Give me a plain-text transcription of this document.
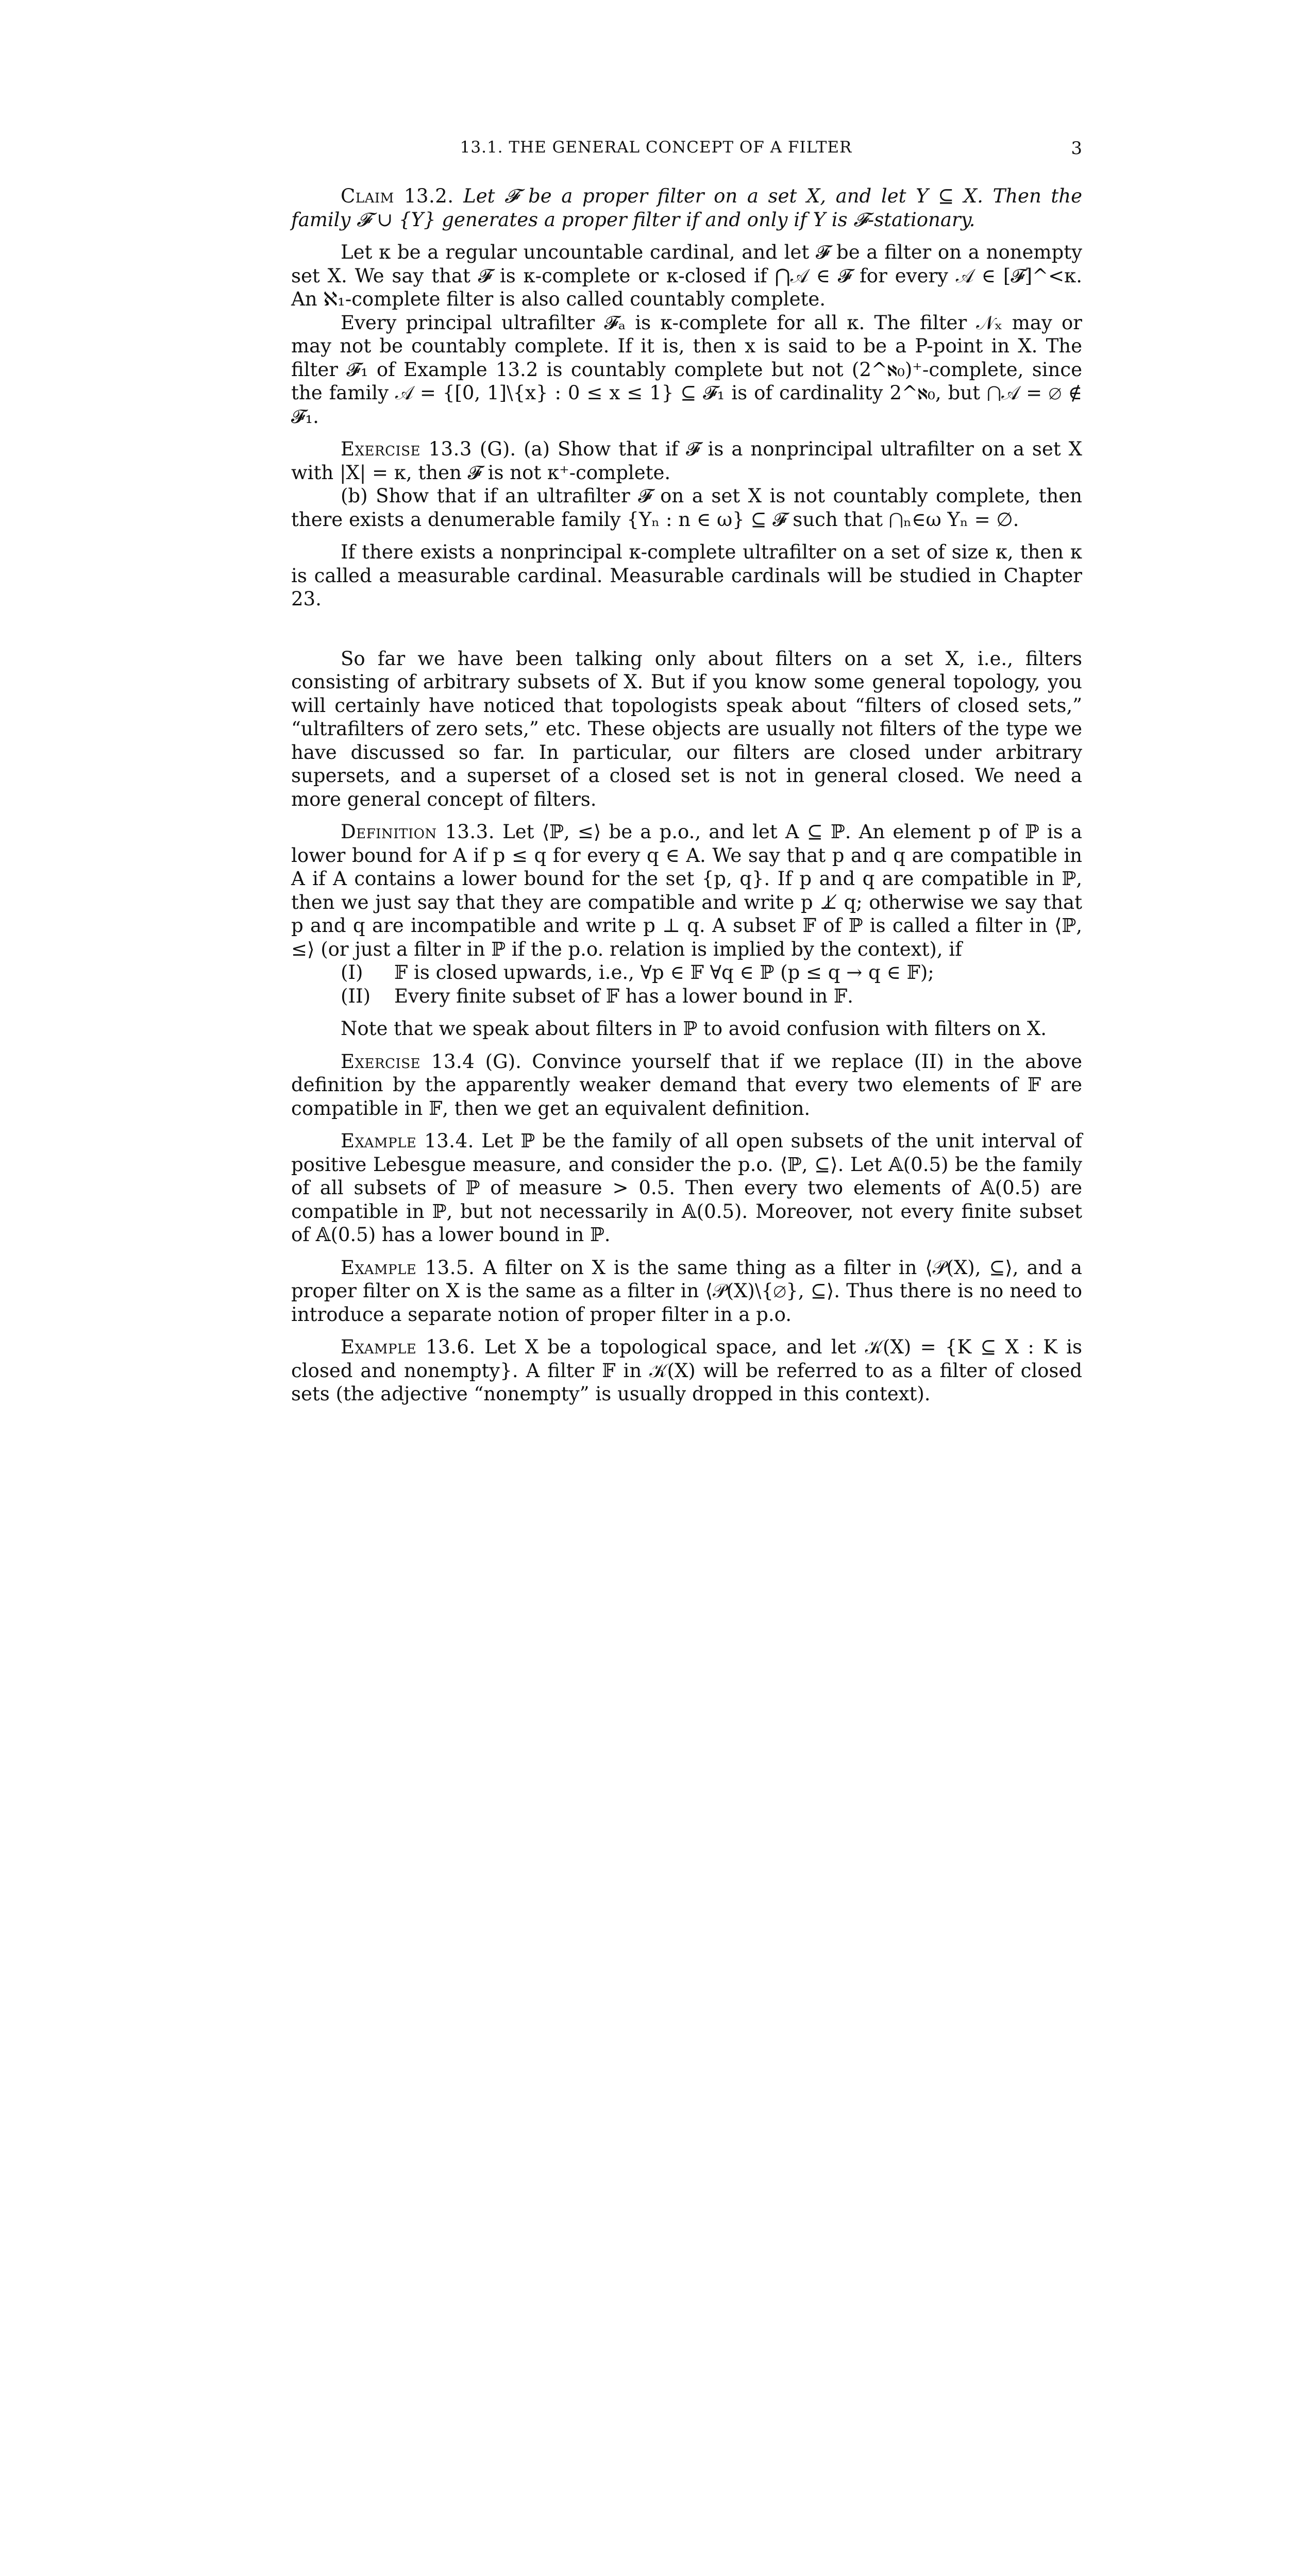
13.1. THE GENERAL CONCEPT OF A FILTER	3

Claim 13.2. Let 𝓕 be a proper filter on a set X, and let Y ⊆ X. Then the family 𝓕 ∪ {Y} generates a proper filter if and only if Y is 𝓕-stationary.

Let κ be a regular uncountable cardinal, and let 𝓕 be a filter on a nonempty set X. We say that 𝓕 is κ-complete or κ-closed if ⋂𝒜 ∈ 𝓕 for every 𝒜 ∈ [𝓕]^<κ. An ℵ₁-complete filter is also called countably complete.

Every principal ultrafilter 𝓕ₐ is κ-complete for all κ. The filter 𝒩ₓ may or may not be countably complete. If it is, then x is said to be a P-point in X. The filter 𝓕₁ of Example 13.2 is countably complete but not (2^ℵ₀)⁺-complete, since the family 𝒜 = {[0, 1]\{x} : 0 ≤ x ≤ 1} ⊆ 𝓕₁ is of cardinality 2^ℵ₀, but ⋂𝒜 = ∅ ∉ 𝓕₁.

Exercise 13.3 (G). (a) Show that if 𝓕 is a nonprincipal ultrafilter on a set X with |X| = κ, then 𝓕 is not κ⁺-complete.

(b) Show that if an ultrafilter 𝓕 on a set X is not countably complete, then there exists a denumerable family {Yₙ : n ∈ ω} ⊆ 𝓕 such that ⋂ₙ∈ω Yₙ = ∅.

If there exists a nonprincipal κ-complete ultrafilter on a set of size κ, then κ is called a measurable cardinal. Measurable cardinals will be studied in Chapter 23.

So far we have been talking only about filters on a set X, i.e., filters consisting of arbitrary subsets of X. But if you know some general topology, you will certainly have noticed that topologists speak about “filters of closed sets,” “ultrafilters of zero sets,” etc. These objects are usually not filters of the type we have discussed so far. In particular, our filters are closed under arbitrary supersets, and a superset of a closed set is not in general closed. We need a more general concept of filters.

Definition 13.3. Let ⟨ℙ, ≤⟩ be a p.o., and let A ⊆ ℙ. An element p of ℙ is a lower bound for A if p ≤ q for every q ∈ A. We say that p and q are compatible in A if A contains a lower bound for the set {p, q}. If p and q are compatible in ℙ, then we just say that they are compatible and write p ⊥̸ q; otherwise we say that p and q are incompatible and write p ⊥ q. A subset 𝔽 of ℙ is called a filter in ⟨ℙ, ≤⟩ (or just a filter in ℙ if the p.o. relation is implied by the context), if

(I) 𝔽 is closed upwards, i.e., ∀p ∈ 𝔽 ∀q ∈ ℙ (p ≤ q → q ∈ 𝔽);

(II) Every finite subset of 𝔽 has a lower bound in 𝔽.

Note that we speak about filters in ℙ to avoid confusion with filters on X.

Exercise 13.4 (G). Convince yourself that if we replace (II) in the above definition by the apparently weaker demand that every two elements of 𝔽 are compatible in 𝔽, then we get an equivalent definition.

Example 13.4. Let ℙ be the family of all open subsets of the unit interval of positive Lebesgue measure, and consider the p.o. ⟨ℙ, ⊆⟩. Let 𝔸(0.5) be the family of all subsets of ℙ of measure > 0.5. Then every two elements of 𝔸(0.5) are compatible in ℙ, but not necessarily in 𝔸(0.5). Moreover, not every finite subset of 𝔸(0.5) has a lower bound in ℙ.

Example 13.5. A filter on X is the same thing as a filter in ⟨𝒫(X), ⊆⟩, and a proper filter on X is the same as a filter in ⟨𝒫(X)\{∅}, ⊆⟩. Thus there is no need to introduce a separate notion of proper filter in a p.o.

Example 13.6. Let X be a topological space, and let 𝒦(X) = {K ⊆ X : K is closed and nonempty}. A filter 𝔽 in 𝒦(X) will be referred to as a filter of closed sets (the adjective “nonempty” is usually dropped in this context).
